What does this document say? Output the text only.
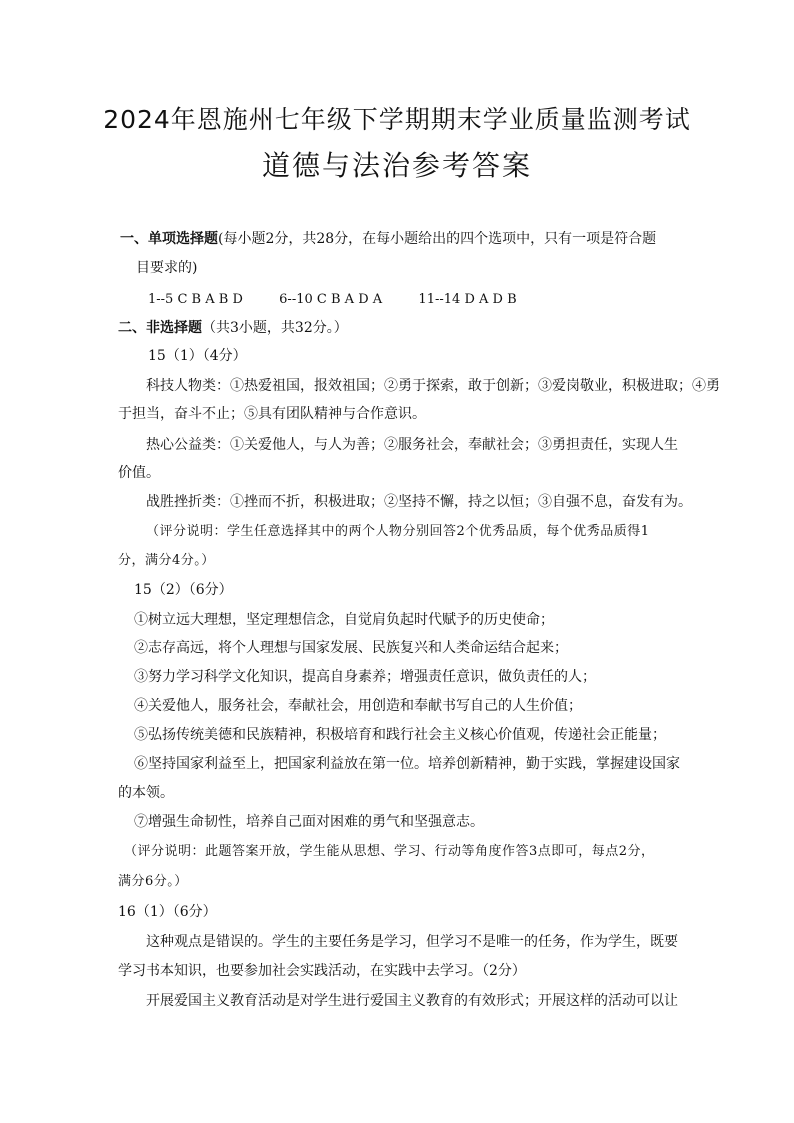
2024年恩施州七年级下学期期末学业质量监测考试
道德与法治参考答案
一、单项选择题(每小题2分，共28分，在每小题给出的四个选项中，只有一项是符合题
目要求的)
1--5 C B A B D	6--10 C B A D A	11--14 D A D B
二、非选择题（共3小题，共32分。）
15（1）（4分）
科技人物类：①热爱祖国，报效祖国；②勇于探索，敢于创新；③爱岗敬业，积极进取；④勇
于担当，奋斗不止；⑤具有团队精神与合作意识。
热心公益类：①关爱他人，与人为善；②服务社会，奉献社会；③勇担责任，实现人生
价值。
战胜挫折类：①挫而不折，积极进取；②坚持不懈，持之以恒；③自强不息，奋发有为。
（评分说明：学生任意选择其中的两个人物分别回答2个优秀品质，每个优秀品质得1
分，满分4分。）
15（2）（6分）
①树立远大理想，坚定理想信念，自觉肩负起时代赋予的历史使命；
②志存高远，将个人理想与国家发展、民族复兴和人类命运结合起来；
③努力学习科学文化知识，提高自身素养；增强责任意识，做负责任的人；
④关爱他人，服务社会，奉献社会，用创造和奉献书写自己的人生价值；
⑤弘扬传统美德和民族精神，积极培育和践行社会主义核心价值观，传递社会正能量；
⑥坚持国家利益至上，把国家利益放在第一位。培养创新精神，勤于实践，掌握建设国家
的本领。
⑦增强生命韧性，培养自己面对困难的勇气和坚强意志。
（评分说明：此题答案开放，学生能从思想、学习、行动等角度作答3点即可，每点2分，
满分6分。）
16（1）（6分）
这种观点是错误的。学生的主要任务是学习，但学习不是唯一的任务，作为学生，既要
学习书本知识，也要参加社会实践活动，在实践中去学习。（2分）
开展爱国主义教育活动是对学生进行爱国主义教育的有效形式；开展这样的活动可以让
